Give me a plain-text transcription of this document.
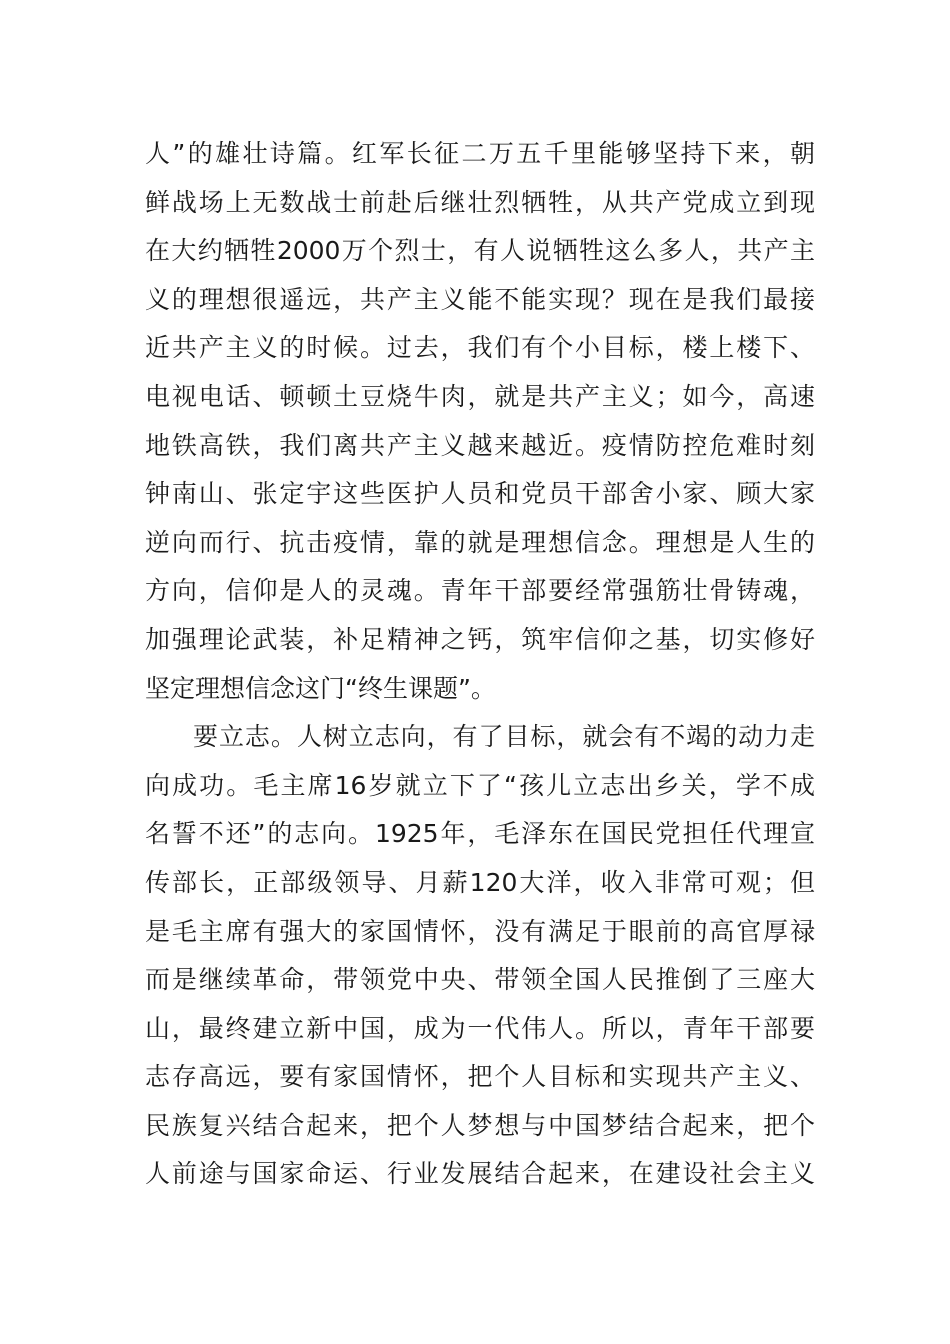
人”的雄壮诗篇。红军长征二万五千里能够坚持下来，朝
鲜战场上无数战士前赴后继壮烈牺牲，从共产党成立到现
在大约牺牲2000万个烈士，有人说牺牲这么多人，共产主
义的理想很遥远，共产主义能不能实现？现在是我们最接
近共产主义的时候。过去，我们有个小目标，楼上楼下、
电视电话、顿顿土豆烧牛肉，就是共产主义；如今，高速
地铁高铁，我们离共产主义越来越近。疫情防控危难时刻
钟南山、张定宇这些医护人员和党员干部舍小家、顾大家
逆向而行、抗击疫情，靠的就是理想信念。理想是人生的
方向，信仰是人的灵魂。青年干部要经常强筋壮骨铸魂，
加强理论武装，补足精神之钙，筑牢信仰之基，切实修好
坚定理想信念这门“终生课题”。
要立志。人树立志向，有了目标，就会有不竭的动力走
向成功。毛主席16岁就立下了“孩儿立志出乡关，学不成
名誓不还”的志向。1925年，毛泽东在国民党担任代理宣
传部长，正部级领导、月薪120大洋，收入非常可观；但
是毛主席有强大的家国情怀，没有满足于眼前的高官厚禄
而是继续革命，带领党中央、带领全国人民推倒了三座大
山，最终建立新中国，成为一代伟人。所以，青年干部要
志存高远，要有家国情怀，把个人目标和实现共产主义、
民族复兴结合起来，把个人梦想与中国梦结合起来，把个
人前途与国家命运、行业发展结合起来，在建设社会主义
